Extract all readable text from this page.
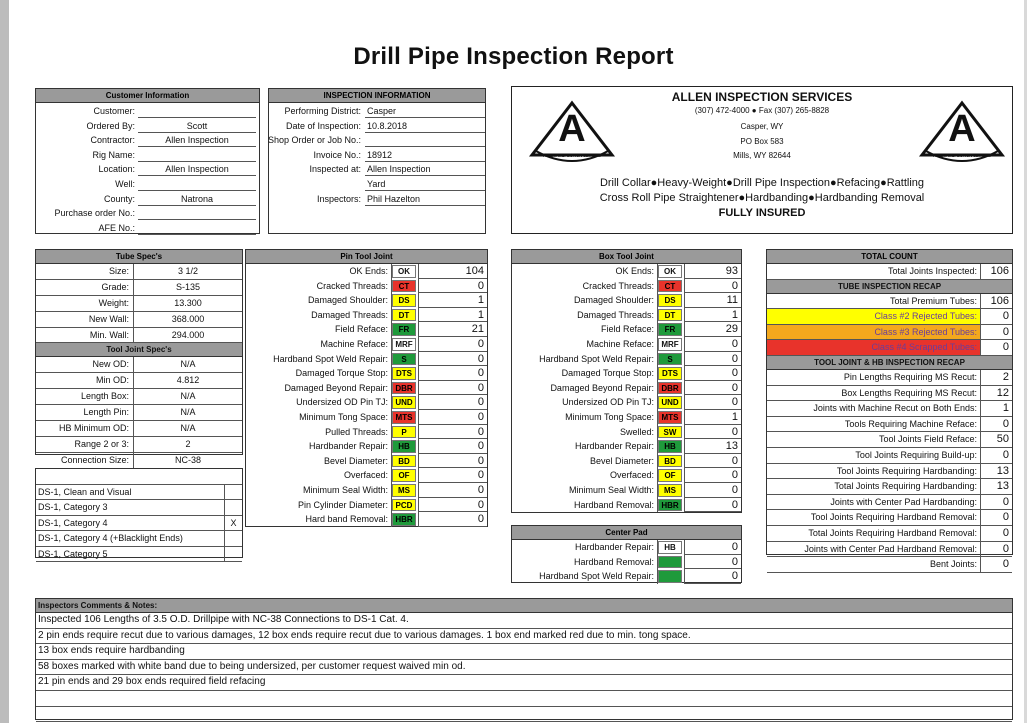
Drill Pipe Inspection Report
Customer Information
Customer:
Ordered By:	Scott
Contractor:	Allen Inspection
Rig Name:
Location:	Allen Inspection
Well:
County:	Natrona
Purchase order No.:
AFE No.:
INSPECTION INFORMATION
Performing District: Casper
Date of Inspection: 10.8.2018
Shop Order or Job No.:
Invoice No.: 18912
Inspected at: Allen Inspection
Yard
Inspectors: Phil Hazelton
ALLEN INSPECTION SERVICES
(307) 472-4000 ● Fax (307) 265-8828
Casper, WY
PO Box 583
Mills, WY 82644
Drill Collar●Heavy-Weight●Drill Pipe Inspection●Refacing●Rattling
Cross Roll Pipe Straightener●Hardbanding●Hardbanding Removal
FULLY INSURED
A
ALLEN INSPECTION SERVICE
A
ALLEN INSPECTION SERVICE
Tube Spec's
Size:	3 1/2
Grade:	S-135
Weight:	13.300
New Wall:	368.000
Min. Wall:	294.000
Tool Joint Spec's
New OD:	N/A
Min OD:	4.812
Length Box:	N/A
Length Pin:	N/A
HB Minimum OD:	N/A
Range 2 or 3:	2
Connection Size:	NC-38
Pin Tool Joint
OK Ends:	OK	104
Cracked Threads:	CT	0
Damaged Shoulder:	DS	1
Damaged Threads:	DT	1
Field Reface:	FR	21
Machine Reface: MRF	0
Hardband Spot Weld Repair:	S	0
Damaged Torque Stop:	DTS	0
Damaged Beyond Repair: DBR	0
Undersized OD Pin TJ: UND	0
Minimum Tong Space: MTS	0
Pulled Threads:	P	0
Hardbander Repair:	HB	0
Bevel Diameter:	BD	0
Overfaced:	OF	0
Minimum Seal Width:	MS	0
Pin Cylinder Diameter: PCD	0
Hard band Removal: HBR	0
Box Tool Joint
OK Ends:	OK	93
Cracked Threads:	CT	0
Damaged Shoulder:	DS	11
Damaged Threads:	DT	1
Field Reface:	FR	29
Machine Reface: MRF	0
Hardband Spot Weld Repair:	S	0
Damaged Torque Stop:	DTS	0
Damaged Beyond Repair: DBR	0
Undersized OD Pin TJ: UND	0
Minimum Tong Space: MTS	1
Swelled:	SW	0
Hardbander Repair:	HB	13
Bevel Diameter:	BD	0
Overfaced:	OF	0
Minimum Seal Width:	MS	0
Hardband Removal: HBR	0
Center Pad
Hardbander Repair:	HB	0
Hardband Removal:	0
Hardband Spot Weld Repair:	0
TOTAL COUNT
Total Joints Inspected:	106
TUBE INSPECTION RECAP
Total Premium Tubes:	106
Class #2 Rejected Tubes:	0
Class #3 Rejected Tubes:	0
Class #4 Scrapped Tubes:	0
TOOL JOINT & HB INSPECTION RECAP
Pin Lengths Requiring MS Recut:	2
Box Lengths Requiring MS Recut:	12
Joints with Machine Recut on Both Ends:	1
Tools Requiring Machine Reface:	0
Tool Joints Field Reface:	50
Tool Joints Requiring Build-up:	0
Tool Joints Requiring Hardbanding:	13
Total Joints Requiring Hardbanding:	13
Joints with Center Pad Hardbanding:	0
Tool Joints Requiring Hardband Removal:	0
Total Joints Requiring Hardband Removal:	0
Joints with Center Pad Hardband Removal:	0
Bent Joints:	0
DS-1, Clean and Visual
DS-1, Category 3
DS-1, Category 4	X
DS-1, Category 4 (+Blacklight Ends)
DS-1, Category 5
Inspectors Comments & Notes:
Inspected 106 Lengths of 3.5 O.D. Drillpipe with NC-38 Connections to DS-1 Cat. 4.
2 pin ends require recut due to various damages, 12 box ends require recut due to various damages. 1 box end marked red due to min. tong space.
13 box ends require hardbanding
58 boxes marked with white band due to being undersized, per customer request waived min od.
21 pin ends and 29 box ends required field refacing
